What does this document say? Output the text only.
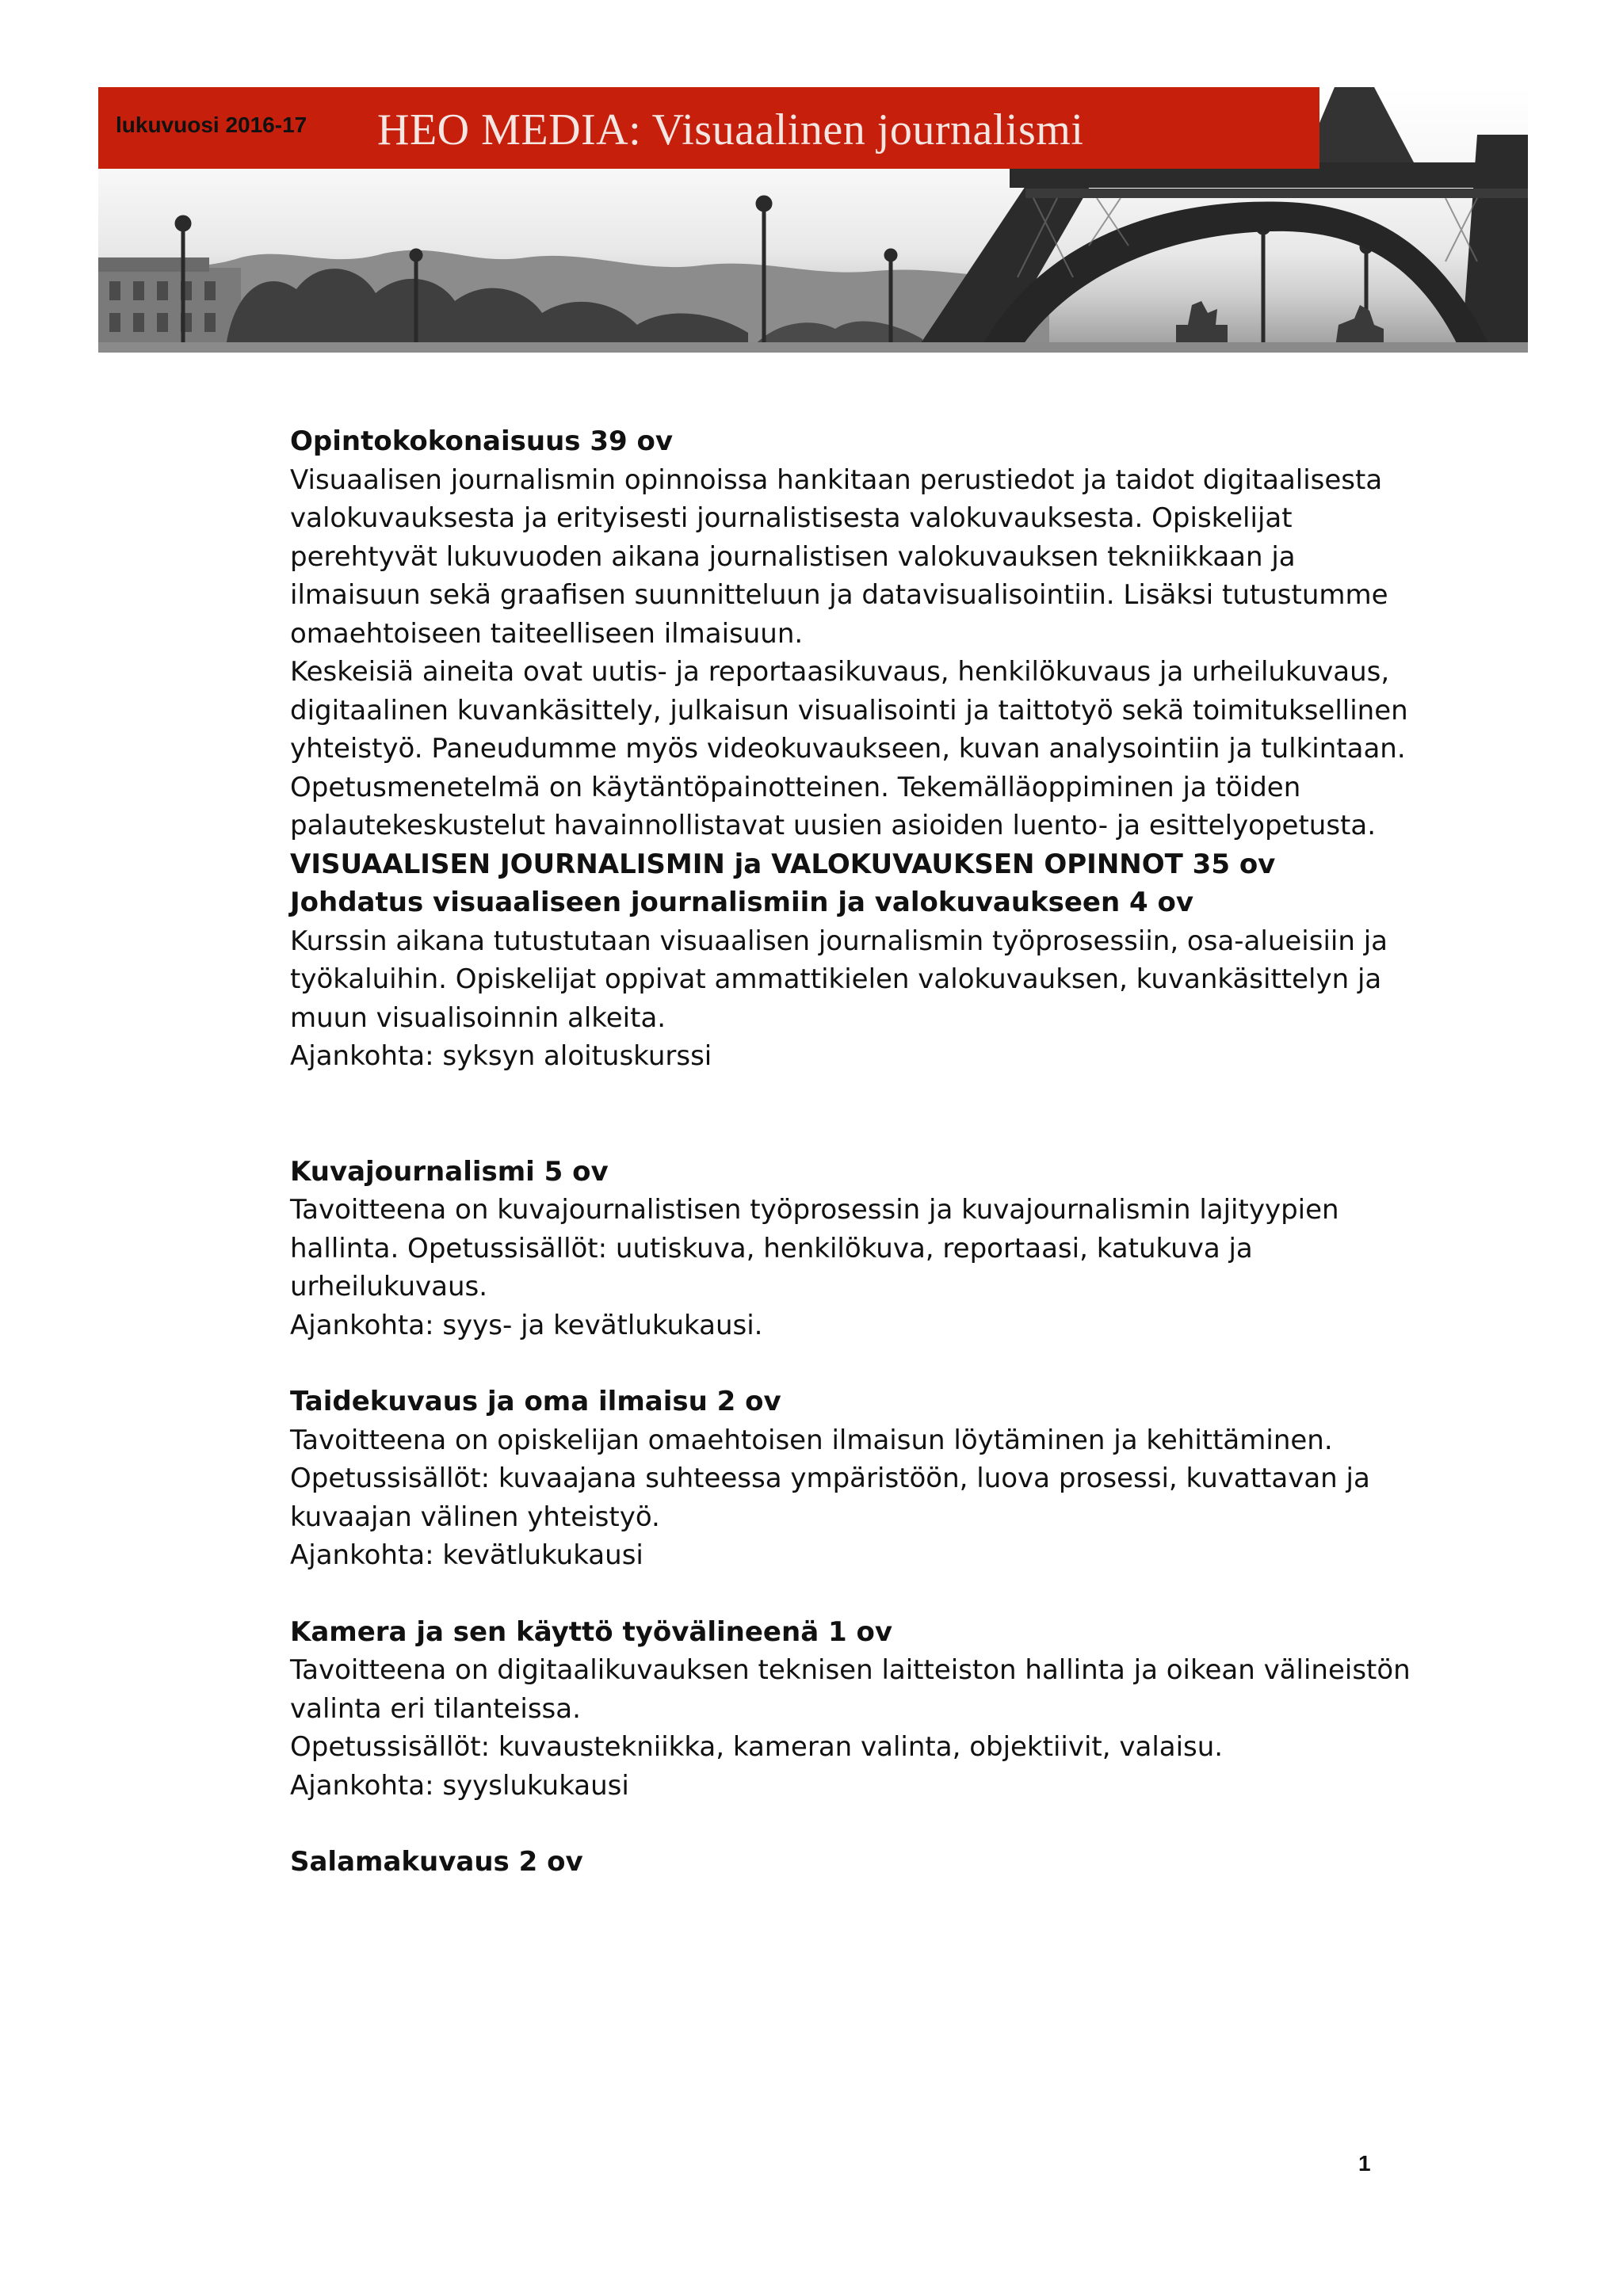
lukuvuosi 2016-17 HEO MEDIA: Visuaalinen journalismi

Opintokokonaisuus 39 ov

Visuaalisen journalismin opinnoissa hankitaan perustiedot ja taidot digitaalisesta valokuvauksesta ja erityisesti journalistisesta valokuvauksesta. Opiskelijat perehtyvät lukuvuoden aikana journalistisen valokuvauksen tekniikkaan ja ilmaisuun sekä graafisen suunnitteluun ja datavisualisointiin. Lisäksi tutustumme omaehtoiseen taiteelliseen ilmaisuun.

Keskeisiä aineita ovat uutis- ja reportaasikuvaus, henkilökuvaus ja urheilukuvaus, digitaalinen kuvankäsittely, julkaisun visualisointi ja taittotyö sekä toimituksellinen yhteistyö. Paneudumme myös videokuvaukseen, kuvan analysointiin ja tulkintaan.

Opetusmenetelmä on käytäntöpainotteinen. Tekemälläoppiminen ja töiden palautekeskustelut havainnollistavat uusien asioiden luento- ja esittelyopetusta.

VISUAALISEN JOURNALISMIN ja VALOKUVAUKSEN OPINNOT 35 ov

Johdatus visuaaliseen journalismiin ja valokuvaukseen 4 ov

Kurssin aikana tutustutaan visuaalisen journalismin työprosessiin, osa-alueisiin ja

työkaluihin. Opiskelijat oppivat ammattikielen valokuvauksen, kuvankäsittelyn ja

muun visualisoinnin alkeita.

Ajankohta: syksyn aloituskurssi

Kuvajournalismi 5 ov

Tavoitteena on kuvajournalistisen työprosessin ja kuvajournalismin lajityypien

hallinta. Opetussisällöt: uutiskuva, henkilökuva, reportaasi, katukuva ja

urheilukuvaus.

Ajankohta: syys- ja kevätlukukausi.

Taidekuvaus ja oma ilmaisu 2 ov

Tavoitteena on opiskelijan omaehtoisen ilmaisun löytäminen ja kehittäminen.

Opetussisällöt: kuvaajana suhteessa ympäristöön, luova prosessi, kuvattavan ja

kuvaajan välinen yhteistyö.

Ajankohta: kevätlukukausi

Kamera ja sen käyttö työvälineenä 1 ov

Tavoitteena on digitaalikuvauksen teknisen laitteiston hallinta ja oikean välineistön

valinta eri tilanteissa.

Opetussisällöt: kuvaustekniikka, kameran valinta, objektiivit, valaisu.

Ajankohta: syyslukukausi

Salamakuvaus 2 ov

1
